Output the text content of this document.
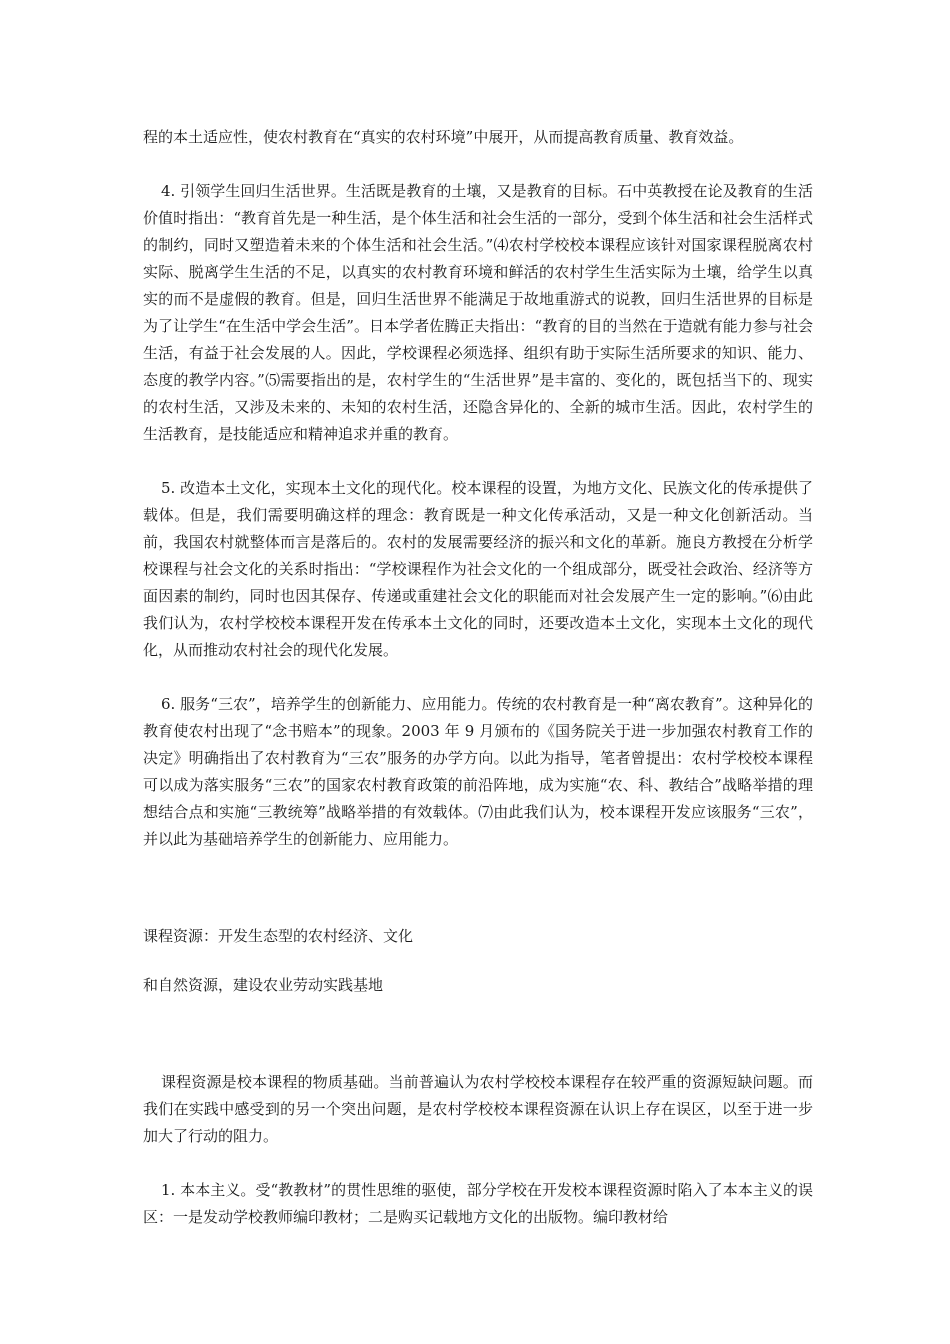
程的本土适应性，使农村教育在“真实的农村环境”中展开，从而提高教育质量、教育效益。

4. 引领学生回归生活世界。生活既是教育的土壤，又是教育的目标。石中英教授在论及教育的生活价值时指出：“教育首先是一种生活，是个体生活和社会生活的一部分，受到个体生活和社会生活样式的制约，同时又塑造着未来的个体生活和社会生活。”⑷农村学校校本课程应该针对国家课程脱离农村实际、脱离学生生活的不足，以真实的农村教育环境和鲜活的农村学生生活实际为土壤，给学生以真实的而不是虚假的教育。但是，回归生活世界不能满足于故地重游式的说教，回归生活世界的目标是为了让学生“在生活中学会生活”。日本学者佐腾正夫指出：“教育的目的当然在于造就有能力参与社会生活，有益于社会发展的人。因此，学校课程必须选择、组织有助于实际生活所要求的知识、能力、态度的教学内容。”⑸需要指出的是，农村学生的“生活世界”是丰富的、变化的，既包括当下的、现实的农村生活，又涉及未来的、未知的农村生活，还隐含异化的、全新的城市生活。因此，农村学生的生活教育，是技能适应和精神追求并重的教育。

5. 改造本土文化，实现本土文化的现代化。校本课程的设置，为地方文化、民族文化的传承提供了载体。但是，我们需要明确这样的理念：教育既是一种文化传承活动，又是一种文化创新活动。当前，我国农村就整体而言是落后的。农村的发展需要经济的振兴和文化的革新。施良方教授在分析学校课程与社会文化的关系时指出：“学校课程作为社会文化的一个组成部分，既受社会政治、经济等方面因素的制约，同时也因其保存、传递或重建社会文化的职能而对社会发展产生一定的影响。”⑹由此我们认为，农村学校校本课程开发在传承本土文化的同时，还要改造本土文化，实现本土文化的现代化，从而推动农村社会的现代化发展。

6. 服务“三农”，培养学生的创新能力、应用能力。传统的农村教育是一种“离农教育”。这种异化的教育使农村出现了“念书赔本”的现象。2003 年 9 月颁布的《国务院关于进一步加强农村教育工作的决定》明确指出了农村教育为“三农”服务的办学方向。以此为指导，笔者曾提出：农村学校校本课程可以成为落实服务“三农”的国家农村教育政策的前沿阵地，成为实施“农、科、教结合”战略举措的理想结合点和实施“三教统筹”战略举措的有效载体。⑺由此我们认为，校本课程开发应该服务“三农”，并以此为基础培养学生的创新能力、应用能力。

课程资源：开发生态型的农村经济、文化

和自然资源，建设农业劳动实践基地

课程资源是校本课程的物质基础。当前普遍认为农村学校校本课程存在较严重的资源短缺问题。而我们在实践中感受到的另一个突出问题，是农村学校校本课程资源在认识上存在误区，以至于进一步加大了行动的阻力。

1. 本本主义。受“教教材”的贯性思维的驱使，部分学校在开发校本课程资源时陷入了本本主义的误区：一是发动学校教师编印教材；二是购买记载地方文化的出版物。编印教材给
